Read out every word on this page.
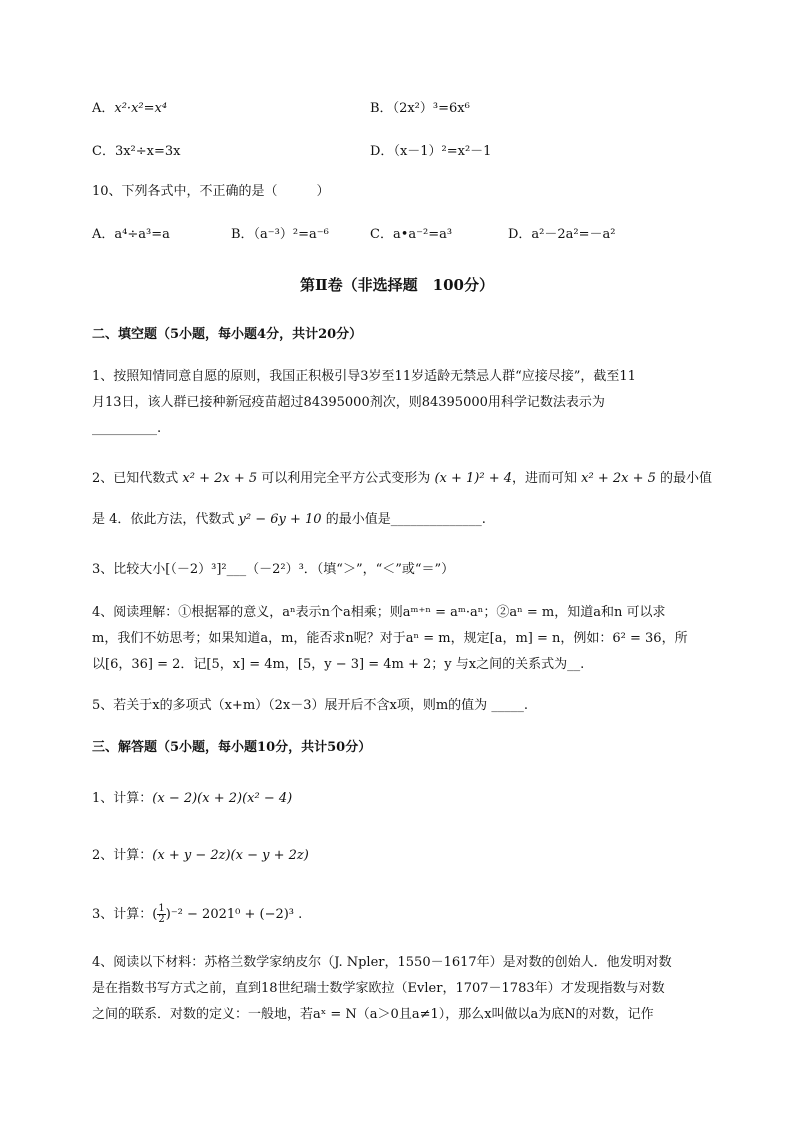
A．x²·x²=x⁴	B．（2x²）³=6x⁶
C．3x²÷x=3x	D．（x－1）²=x²－1
10、下列各式中，不正确的是（　　　）
A．a⁴÷a³=a	B．（a⁻³）²=a⁻⁶	C．a•a⁻²=a³	D．a²－2a²=－a²
第Ⅱ卷（非选择题　100分）
二、填空题（5小题，每小题4分，共计20分）
1、按照知情同意自愿的原则，我国正积极引导3岁至11岁适龄无禁忌人群“应接尽接”，截至11
月13日，该人群已接种新冠疫苗超过84395000剂次，则84395000用科学记数法表示为
__________.
2、已知代数式 x² + 2x + 5 可以利用完全平方公式变形为 (x + 1)² + 4，进而可知 x² + 2x + 5 的最小值
是 4．依此方法，代数式 y² − 6y + 10 的最小值是______________.
3、比较大小[（－2）³]²___（－2²）³．（填“＞”，“＜”或“＝”）
4、阅读理解：①根据幂的意义，aⁿ表示n个a相乘；则aᵐ⁺ⁿ = aᵐ·aⁿ；②aⁿ = m，知道a和n 可以求
m，我们不妨思考；如果知道a，m，能否求n呢？对于aⁿ = m，规定[a，m] = n，例如：6² = 36，所
以[6，36] = 2．记[5，x] = 4m，[5，y − 3] = 4m + 2；y 与x之间的关系式为__.
5、若关于x的多项式（x+m）（2x－3）展开后不含x项，则m的值为 _____.
三、解答题（5小题，每小题10分，共计50分）
1、计算：(x − 2)(x + 2)(x² − 4)
2、计算：(x + y − 2z)(x − y + 2z)
3、计算：( $\frac{1}{2} )^{-2} - 2021^0 + (-2)^3$ .
4、阅读以下材料：苏格兰数学家纳皮尔（J. Npler，1550－1617年）是对数的创始人．他发明对数
是在指数书写方式之前，直到18世纪瑞士数学家欧拉（Evler，1707－1783年）才发现指数与对数
之间的联系．对数的定义：一般地，若aˣ = N（a＞0且a≠1），那么x叫做以a为底N的对数，记作
